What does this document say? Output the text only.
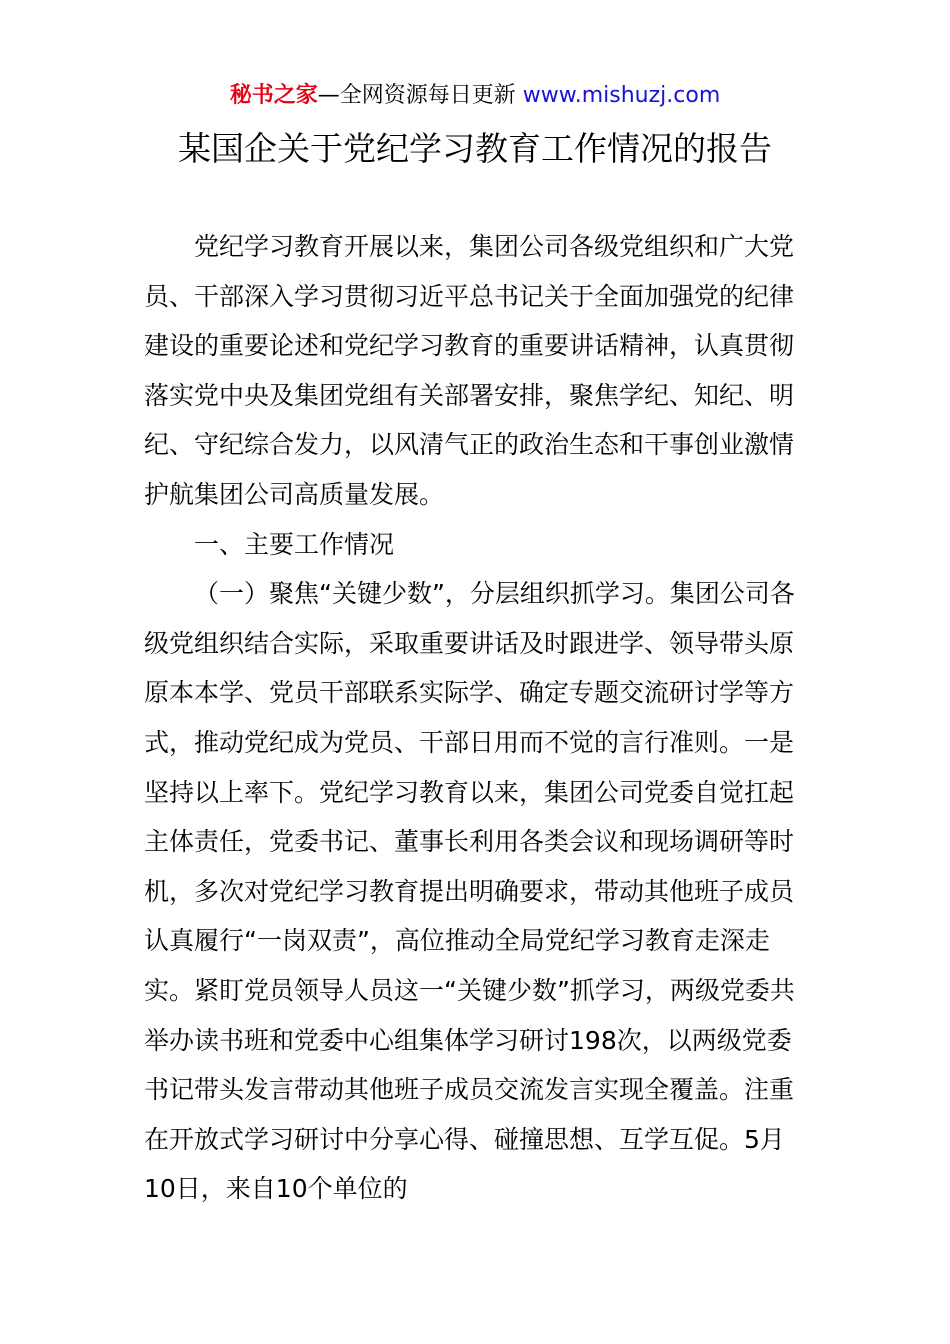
秘书之家—全网资源每日更新 www.mishuzj.com
某国企关于党纪学习教育工作情况的报告

党纪学习教育开展以来，集团公司各级党组织和广大党员、干部深入学习贯彻习近平总书记关于全面加强党的纪律建设的重要论述和党纪学习教育的重要讲话精神，认真贯彻落实党中央及集团党组有关部署安排，聚焦学纪、知纪、明纪、守纪综合发力，以风清气正的政治生态和干事创业激情护航集团公司高质量发展。

一、主要工作情况

（一）聚焦“关键少数”，分层组织抓学习。集团公司各级党组织结合实际，采取重要讲话及时跟进学、领导带头原原本本学、党员干部联系实际学、确定专题交流研讨学等方式，推动党纪成为党员、干部日用而不觉的言行准则。一是坚持以上率下。党纪学习教育以来，集团公司党委自觉扛起主体责任，党委书记、董事长利用各类会议和现场调研等时机，多次对党纪学习教育提出明确要求，带动其他班子成员认真履行“一岗双责”，高位推动全局党纪学习教育走深走实。紧盯党员领导人员这一“关键少数”抓学习，两级党委共举办读书班和党委中心组集体学习研讨198次，以两级党委书记带头发言带动其他班子成员交流发言实现全覆盖。注重在开放式学习研讨中分享心得、碰撞思想、互学互促。5月10日，来自10个单位的
